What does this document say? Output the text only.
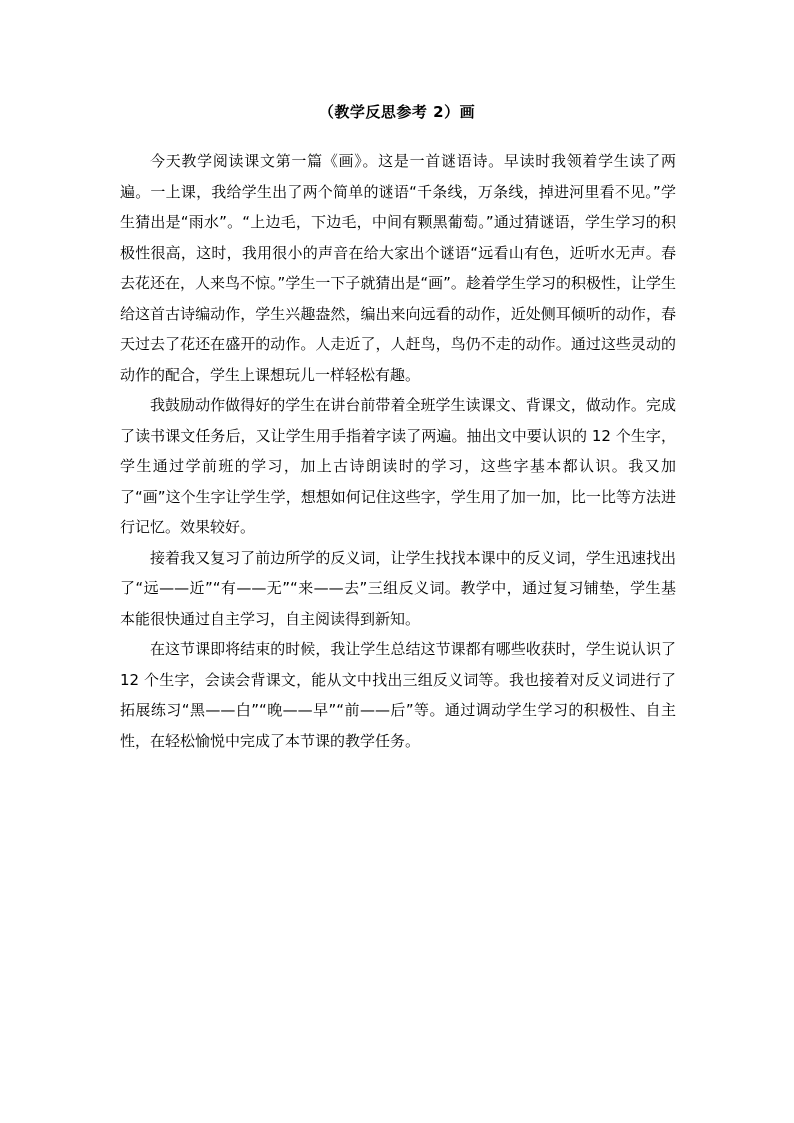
（教学反思参考 2）画

今天教学阅读课文第一篇《画》。这是一首谜语诗。早读时我领着学生读了两遍。一上课，我给学生出了两个简单的谜语“千条线，万条线，掉进河里看不见。”学生猜出是“雨水”。“上边毛，下边毛，中间有颗黑葡萄。”通过猜谜语，学生学习的积极性很高，这时，我用很小的声音在给大家出个谜语“远看山有色，近听水无声。春去花还在，人来鸟不惊。”学生一下子就猜出是“画”。趁着学生学习的积极性，让学生给这首古诗编动作，学生兴趣盎然，编出来向远看的动作，近处侧耳倾听的动作，春天过去了花还在盛开的动作。人走近了，人赶鸟，鸟仍不走的动作。通过这些灵动的动作的配合，学生上课想玩儿一样轻松有趣。

我鼓励动作做得好的学生在讲台前带着全班学生读课文、背课文，做动作。完成了读书课文任务后，又让学生用手指着字读了两遍。抽出文中要认识的 12 个生字，学生通过学前班的学习，加上古诗朗读时的学习，这些字基本都认识。我又加了“画”这个生字让学生学，想想如何记住这些字，学生用了加一加，比一比等方法进行记忆。效果较好。

接着我又复习了前边所学的反义词，让学生找找本课中的反义词，学生迅速找出了“远——近”“有——无”“来——去”三组反义词。教学中，通过复习铺垫，学生基本能很快通过自主学习，自主阅读得到新知。

在这节课即将结束的时候，我让学生总结这节课都有哪些收获时，学生说认识了 12 个生字，会读会背课文，能从文中找出三组反义词等。我也接着对反义词进行了拓展练习“黑——白”“晚——早”“前——后”等。通过调动学生学习的积极性、自主性，在轻松愉悦中完成了本节课的教学任务。
